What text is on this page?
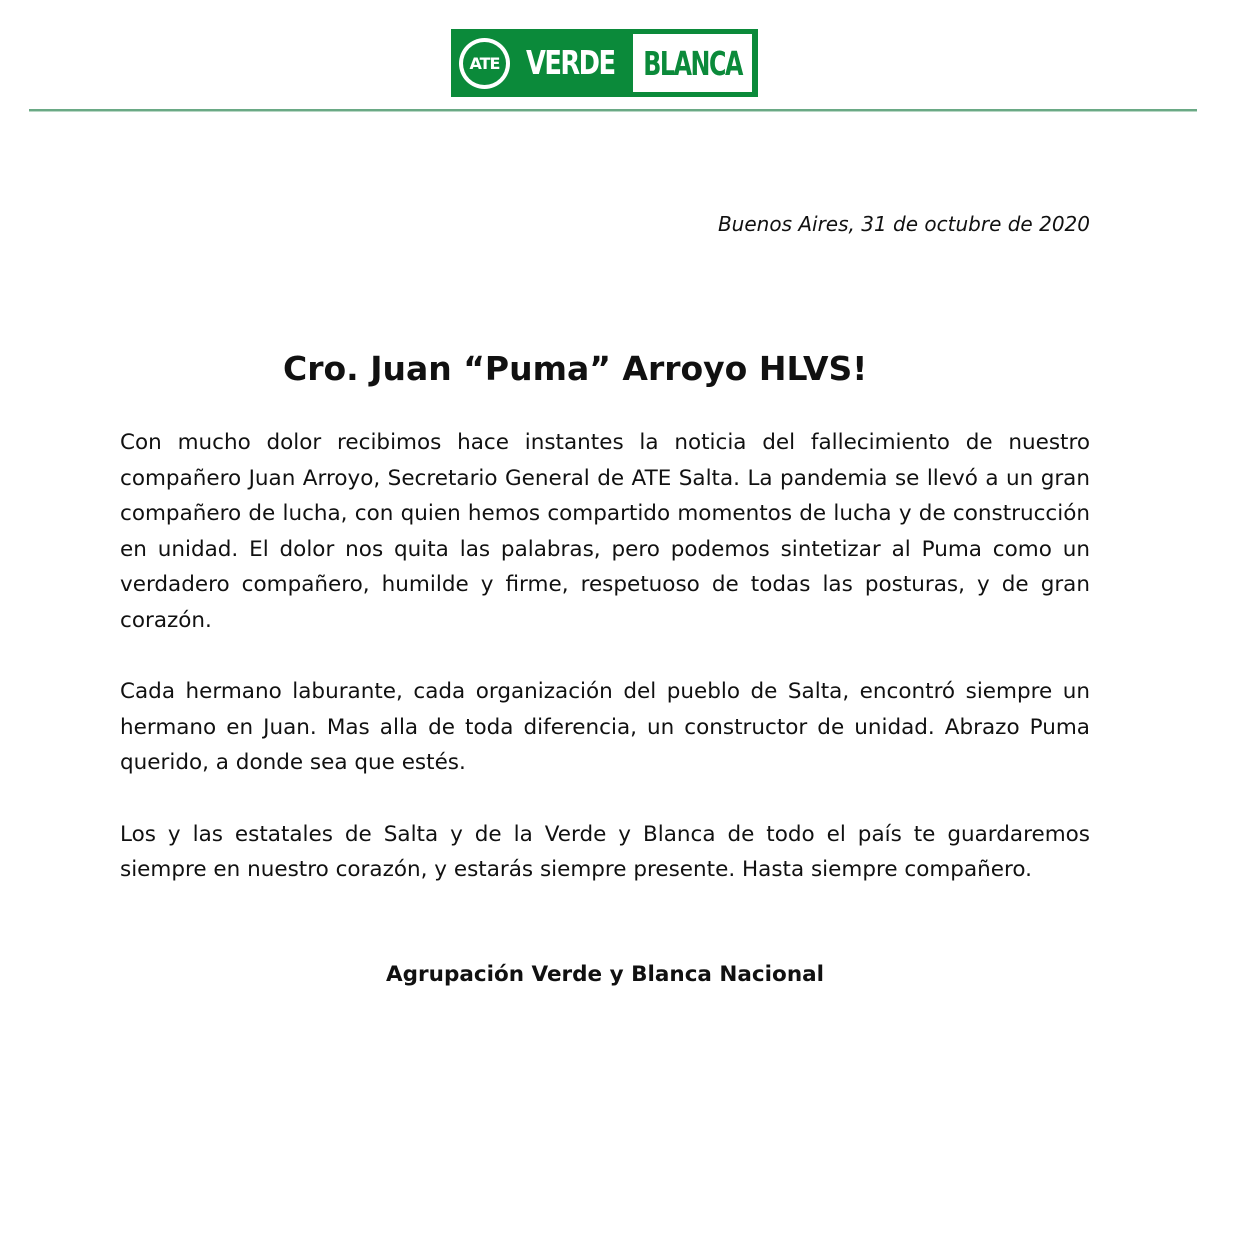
ATE VERDE BLANCA
Buenos Aires, 31 de octubre de 2020
Cro. Juan “Puma” Arroyo HLVS!

Con mucho dolor recibimos hace instantes la noticia del fallecimiento de nuestro compañero Juan Arroyo, Secretario General de ATE Salta. La pandemia se llevó a un gran compañero de lucha, con quien hemos compartido momentos de lucha y de construcción en unidad. El dolor nos quita las palabras, pero podemos sintetizar al Puma como un verdadero compañero, humilde y firme, respetuoso de todas las posturas, y de gran corazón.

Cada hermano laburante, cada organización del pueblo de Salta, encontró siempre un hermano en Juan. Mas alla de toda diferencia, un constructor de unidad. Abrazo Puma querido, a donde sea que estés.

Los y las estatales de Salta y de la Verde y Blanca de todo el país te guardaremos siempre en nuestro corazón, y estarás siempre presente. Hasta siempre compañero.

Agrupación Verde y Blanca Nacional
